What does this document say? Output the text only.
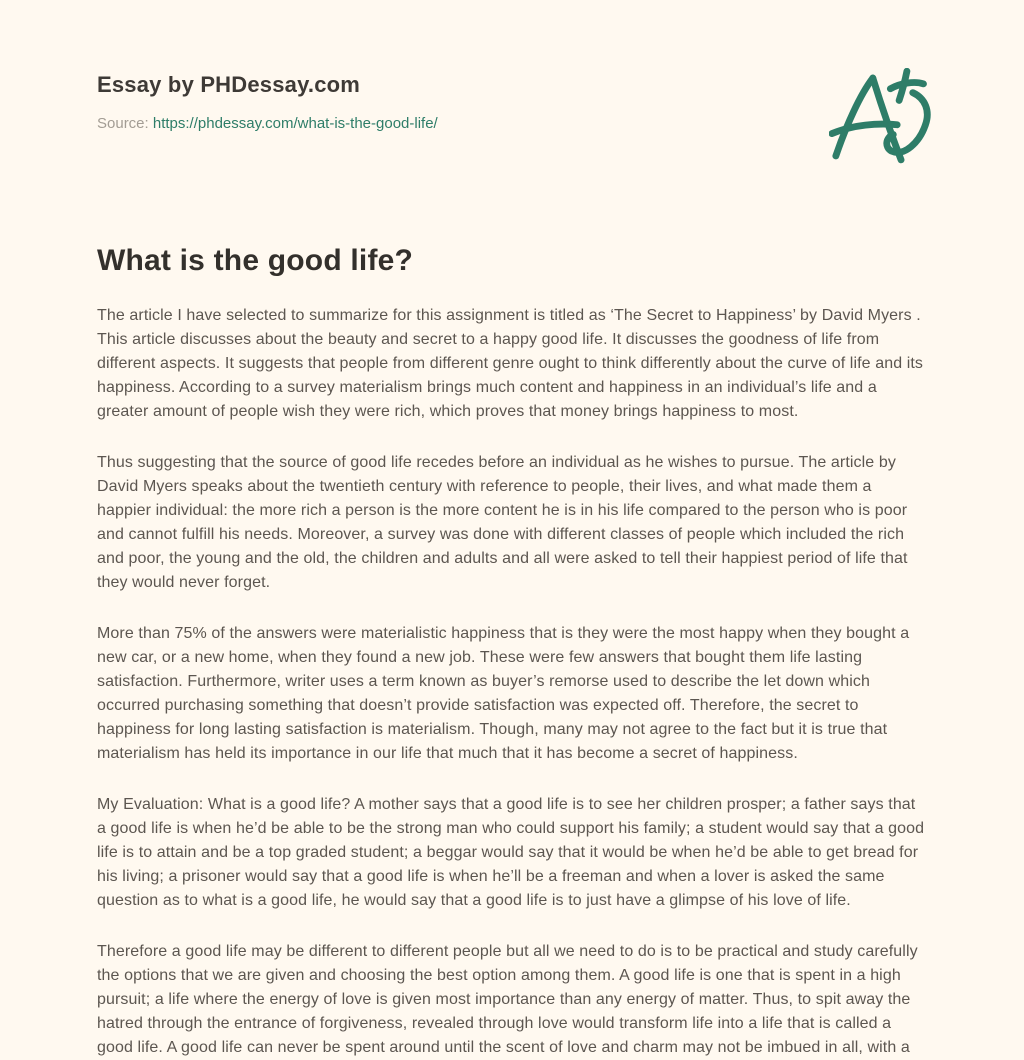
Essay by PHDessay.com
Source: https://phdessay.com/what-is-the-good-life/
What is the good life?

The article I have selected to summarize for this assignment is titled as ‘The Secret to Happiness’ by David Myers . This article discusses about the beauty and secret to a happy good life. It discusses the goodness of life from different aspects. It suggests that people from different genre ought to think differently about the curve of life and its happiness. According to a survey materialism brings much content and happiness in an individual’s life and a greater amount of people wish they were rich, which proves that money brings happiness to most.

Thus suggesting that the source of good life recedes before an individual as he wishes to pursue. The article by David Myers speaks about the twentieth century with reference to people, their lives, and what made them a happier individual: the more rich a person is the more content he is in his life compared to the person who is poor and cannot fulfill his needs. Moreover, a survey was done with different classes of people which included the rich and poor, the young and the old, the children and adults and all were asked to tell their happiest period of life that they would never forget.

More than 75% of the answers were materialistic happiness that is they were the most happy when they bought a new car, or a new home, when they found a new job. These were few answers that bought them life lasting satisfaction. Furthermore, writer uses a term known as buyer’s remorse used to describe the let down which occurred purchasing something that doesn’t provide satisfaction was expected off. Therefore, the secret to happiness for long lasting satisfaction is materialism. Though, many may not agree to the fact but it is true that materialism has held its importance in our life that much that it has become a secret of happiness.

My Evaluation: What is a good life? A mother says that a good life is to see her children prosper; a father says that a good life is when he’d be able to be the strong man who could support his family; a student would say that a good life is to attain and be a top graded student; a beggar would say that it would be when he’d be able to get bread for his living; a prisoner would say that a good life is when he’ll be a freeman and when a lover is asked the same question as to what is a good life, he would say that a good life is to just have a glimpse of his love of life.

Therefore a good life may be different to different people but all we need to do is to be practical and study carefully the options that we are given and choosing the best option among them. A good life is one that is spent in a high pursuit; a life where the energy of love is given most importance than any energy of matter. Thus, to spit away the hatred through the entrance of forgiveness, revealed through love would transform life into a life that is called a good life. A good life can never be spent around until the scent of love and charm may not be imbued in all, with a
